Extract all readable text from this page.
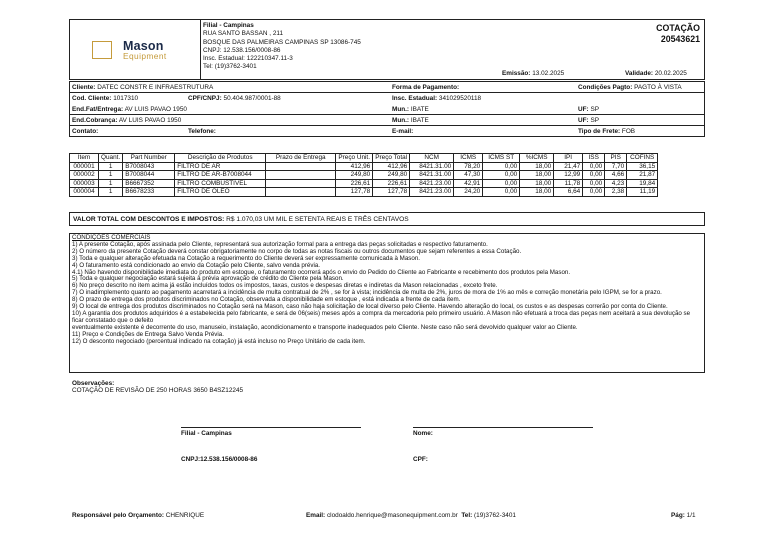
Mason
Equipment
Filial - Campinas
RUA SANTO BASSAN , 211
BOSQUE DAS PALMEIRAS CAMPINAS SP 13086-745
CNPJ: 12.538.156/0008-86
Insc. Estadual: 122210347.11-3
Tel: (19)3762-3401
COTAÇÃO
20543621
Emissão: 13.02.2025	Validade: 20.02.2025
Cliente: DATEC CONSTR E INFRAESTRUTURA	Forma de Pagamento:	Condições Pagto: PAGTO À VISTA
Cod. Cliente: 1017310	CPF/CNPJ: 50.404.987/0001-88	Insc. Estadual: 341029520118
End.Fat/Entrega: AV LUIS PAVAO 1950	Mun.: IBATE	UF: SP
End.Cobrança: AV LUIS PAVAO 1950	Mun.: IBATE	UF: SP
Contato:	Telefone:	E-mail:	Tipo de Frete: FOB
Item	Quant.	Part Number	Descrição de Produtos	Prazo de Entrega	Preço Unit.	Preço Total	NCM	ICMS	ICMS ST	%ICMS	IPI	ISS	PIS	COFINS
000001	1	B7008043	FILTRO DE AR		412,96	412,96	8421.31.00	78,20	0,00	18,00	21,47	0,00	7,70	36,15
000002	1	B7008044	FILTRO DE AR-B7008044		249,80	249,80	8421.31.00	47,30	0,00	18,00	12,99	0,00	4,66	21,87
000003	1	B6667352	FILTRO COMBUSTIVEL		226,61	226,61	8421.23.00	42,91	0,00	18,00	11,78	0,00	4,23	19,84
000004	1	B6678233	FILTRO DE OLEO		127,78	127,78	8421.23.00	24,20	0,00	18,00	6,64	0,00	2,38	11,19
VALOR TOTAL COM DESCONTOS E IMPOSTOS: R$ 1.070,03 UM MIL E SETENTA REAIS E TRÊS CENTAVOS
CONDIÇÕES COMERCIAIS
1) A presente Cotação, após assinada pelo Cliente, representará sua autorização formal para a entrega das peças solicitadas e respectivo faturamento.
2) O número da presente Cotação deverá constar obrigatoriamente no corpo de todas as notas fiscais ou outros documentos que sejam referentes a essa Cotação.
3) Toda e qualquer alteração efetuada na Cotação a requerimento do Cliente deverá ser expressamente comunicada à Mason.
4) O faturamento está condicionado ao envio da Cotação pelo Cliente, salvo venda prévia.
4.1) Não havendo disponibilidade imediata do produto em estoque, o faturamento ocorrerá após o envio do Pedido do Cliente ao Fabricante e recebimento dos produtos pela Mason.
5) Toda e qualquer negociação estará sujeita à prévia aprovação de crédito do Cliente pela Mason.
6) No preço descrito no item acima já estão incluídos todos os impostos, taxas, custos e despesas diretas e indiretas da Mason relacionadas , exceto frete.
7) O inadimplemento quanto ao pagamento acarretará a incidência de multa contratual de 2% , se for à vista; incidência de multa de 2%, juros de mora de 1% ao mês e correção monetária pelo IGPM, se for a prazo.
8) O prazo de entrega dos produtos discriminados no Cotação, observada a disponibilidade em estoque , está indicada a frente de cada item.
9) O local de entrega dos produtos discriminados no Cotação será na Mason, caso não haja solicitação de local diverso pelo Cliente. Havendo alteração do local, os custos e as despesas correrão por conta do Cliente.
10) A garantia dos produtos adquiridos é a estabelecida pelo fabricante, e será de 06(seis) meses após a compra da mercadoria pelo primeiro usuário. A Mason não efetuará a troca das peças nem aceitará a sua devolução se ficar constatado que o defeito
eventualmente existente é decorrente do uso, manuseio, instalação, acondicionamento e transporte inadequados pelo Cliente. Neste caso não será devolvido qualquer valor ao Cliente.
11) Preço e Condições de Entrega Salvo Venda Prévia.
12) O desconto negociado (percentual indicado na cotação) já está incluso no Preço Unitário de cada item.
Observações:
COTAÇÃO DE REVISÃO DE 250 HORAS 3650 B4SZ12245
Filial - Campinas
CNPJ:12.538.156/0008-86
Nome:
CPF:
Responsável pelo Orçamento: CHENRIQUE	Email: clodoaldo.henrique@masonequipment.com.br Tel: (19)3762-3401	Pág: 1/1
